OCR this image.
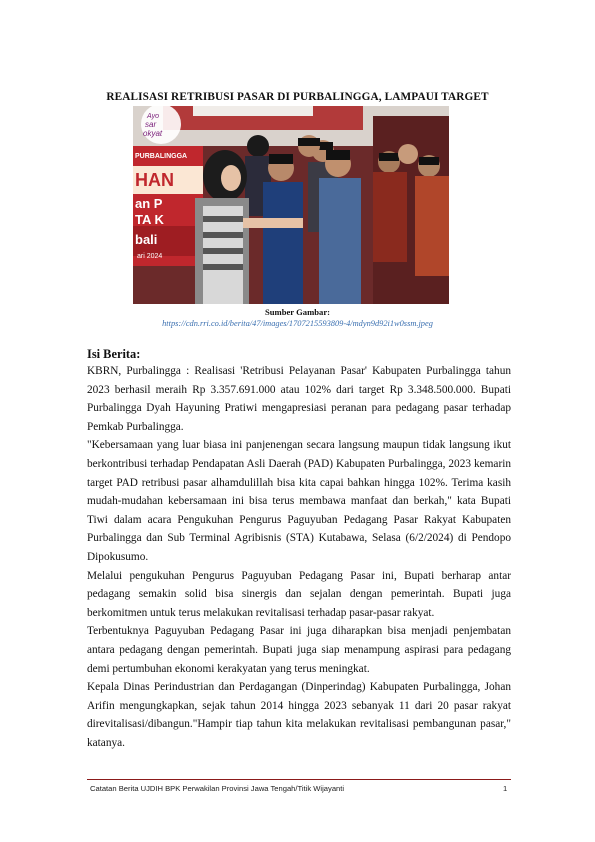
REALISASI RETRIBUSI PASAR DI PURBALINGGA, LAMPAUI TARGET
Ayo
sar
okyat
PURBALINGGA
HAN
an P
TA K
bali
ari 2024
Sumber Gambar:
https://cdn.rri.co.id/berita/47/images/1707215593809-4/mdyn9d92i1w0ssm.jpeg
Isi Berita:

KBRN, Purbalingga : Realisasi 'Retribusi Pelayanan Pasar' Kabupaten Purbalingga tahun 2023 berhasil meraih Rp 3.357.691.000 atau 102% dari target Rp 3.348.500.000. Bupati Purbalingga Dyah Hayuning Pratiwi mengapresiasi peranan para pedagang pasar terhadap Pemkab Purbalingga.

"Kebersamaan yang luar biasa ini panjenengan secara langsung maupun tidak langsung ikut berkontribusi terhadap Pendapatan Asli Daerah (PAD) Kabupaten Purbalingga, 2023 kemarin target PAD retribusi pasar alhamdulillah bisa kita capai bahkan hingga 102%. Terima kasih mudah-mudahan kebersamaan ini bisa terus membawa manfaat dan berkah," kata Bupati Tiwi dalam acara Pengukuhan Pengurus Paguyuban Pedagang Pasar Rakyat Kabupaten Purbalingga dan Sub Terminal Agribisnis (STA) Kutabawa, Selasa (6/2/2024) di Pendopo Dipokusumo.

Melalui pengukuhan Pengurus Paguyuban Pedagang Pasar ini, Bupati berharap antar pedagang semakin solid bisa sinergis dan sejalan dengan pemerintah. Bupati juga berkomitmen untuk terus melakukan revitalisasi terhadap pasar-pasar rakyat.

Terbentuknya Paguyuban Pedagang Pasar ini juga diharapkan bisa menjadi penjembatan antara pedagang dengan pemerintah. Bupati juga siap menampung aspirasi para pedagang demi pertumbuhan ekonomi kerakyatan yang terus meningkat.

Kepala Dinas Perindustrian dan Perdagangan (Dinperindag) Kabupaten Purbalingga, Johan Arifin mengungkapkan, sejak tahun 2014 hingga 2023 sebanyak 11 dari 20 pasar rakyat direvitalisasi/dibangun."Hampir tiap tahun kita melakukan revitalisasi pembangunan pasar," katanya.

Catatan Berita UJDIH BPK Perwakilan Provinsi Jawa Tengah/Titik Wijayanti	1
